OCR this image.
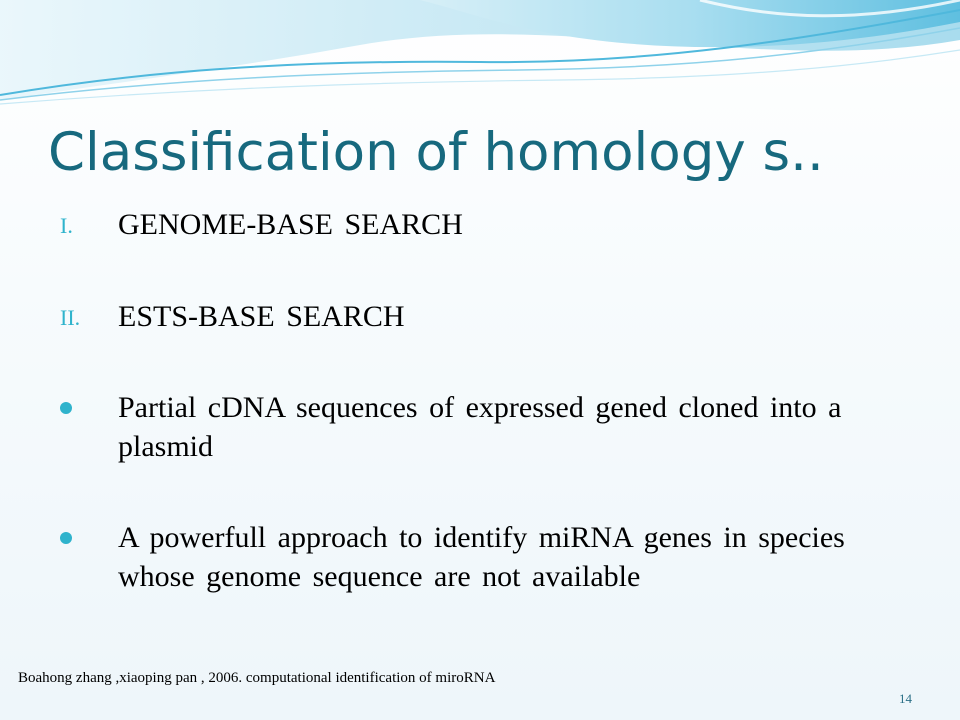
Classification of homology s..
I. GENOME-BASE SEARCH
II. ESTS-BASE SEARCH
Partial cDNA sequences of expressed gened cloned into a plasmid
A powerfull approach to identify miRNA genes in species whose genome sequence are not available
Boahong zhang ,xiaoping pan , 2006. computational identification of miroRNA
14
